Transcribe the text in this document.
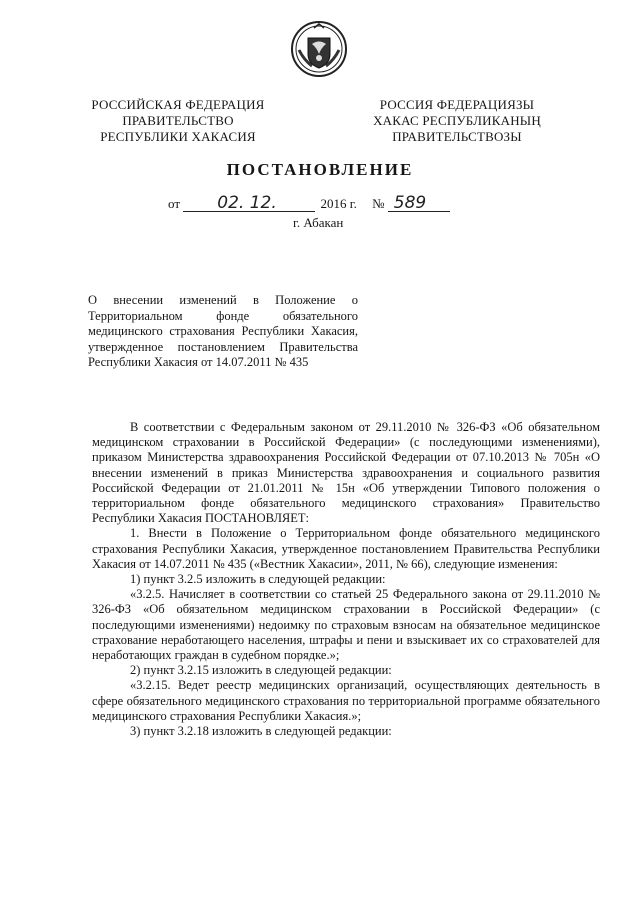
РОССИЙСКАЯ ФЕДЕРАЦИЯ
ПРАВИТЕЛЬСТВО
РЕСПУБЛИКИ ХАКАСИЯ
РОССИЯ ФЕДЕРАЦИЯЗЫ
ХАКАС РЕСПУБЛИКАНЫҢ
ПРАВИТЕЛЬСТВОЗЫ
ПОСТАНОВЛЕНИЕ
от 02. 12.	2016 г. № 589
г. Абакан

О внесении изменений в Положение о Территориальном фонде обязательного медицинского страхования Республики Хакасия, утвержденное постановлением Правительства Республики Хакасия от 14.07.2011 № 435

В соответствии с Федеральным законом от 29.11.2010 № 326-ФЗ «Об обязательном медицинском страховании в Российской Федерации» (с последующими изменениями), приказом Министерства здравоохранения Российской Федерации от 07.10.2013 № 705н «О внесении изменений в приказ Министерства здравоохранения и социального развития Российской Федерации от 21.01.2011 № 15н «Об утверждении Типового положения о территориальном фонде обязательного медицинского страхования» Правительство Республики Хакасия ПОСТАНОВЛЯЕТ:

1. Внести в Положение о Территориальном фонде обязательного медицинского страхования Республики Хакасия, утвержденное постановлением Правительства Республики Хакасия от 14.07.2011 № 435 («Вестник Хакасии», 2011, № 66), следующие изменения:

1) пункт 3.2.5 изложить в следующей редакции:

«3.2.5. Начисляет в соответствии со статьей 25 Федерального закона от 29.11.2010 № 326-ФЗ «Об обязательном медицинском страховании в Российской Федерации» (с последующими изменениями) недоимку по страховым взносам на обязательное медицинское страхование неработающего населения, штрафы и пени и взыскивает их со страхователей для неработающих граждан в судебном порядке.»;

2) пункт 3.2.15 изложить в следующей редакции:

«3.2.15. Ведет реестр медицинских организаций, осуществляющих деятельность в сфере обязательного медицинского страхования по территориальной программе обязательного медицинского страхования Республики Хакасия.»;

3) пункт 3.2.18 изложить в следующей редакции:
